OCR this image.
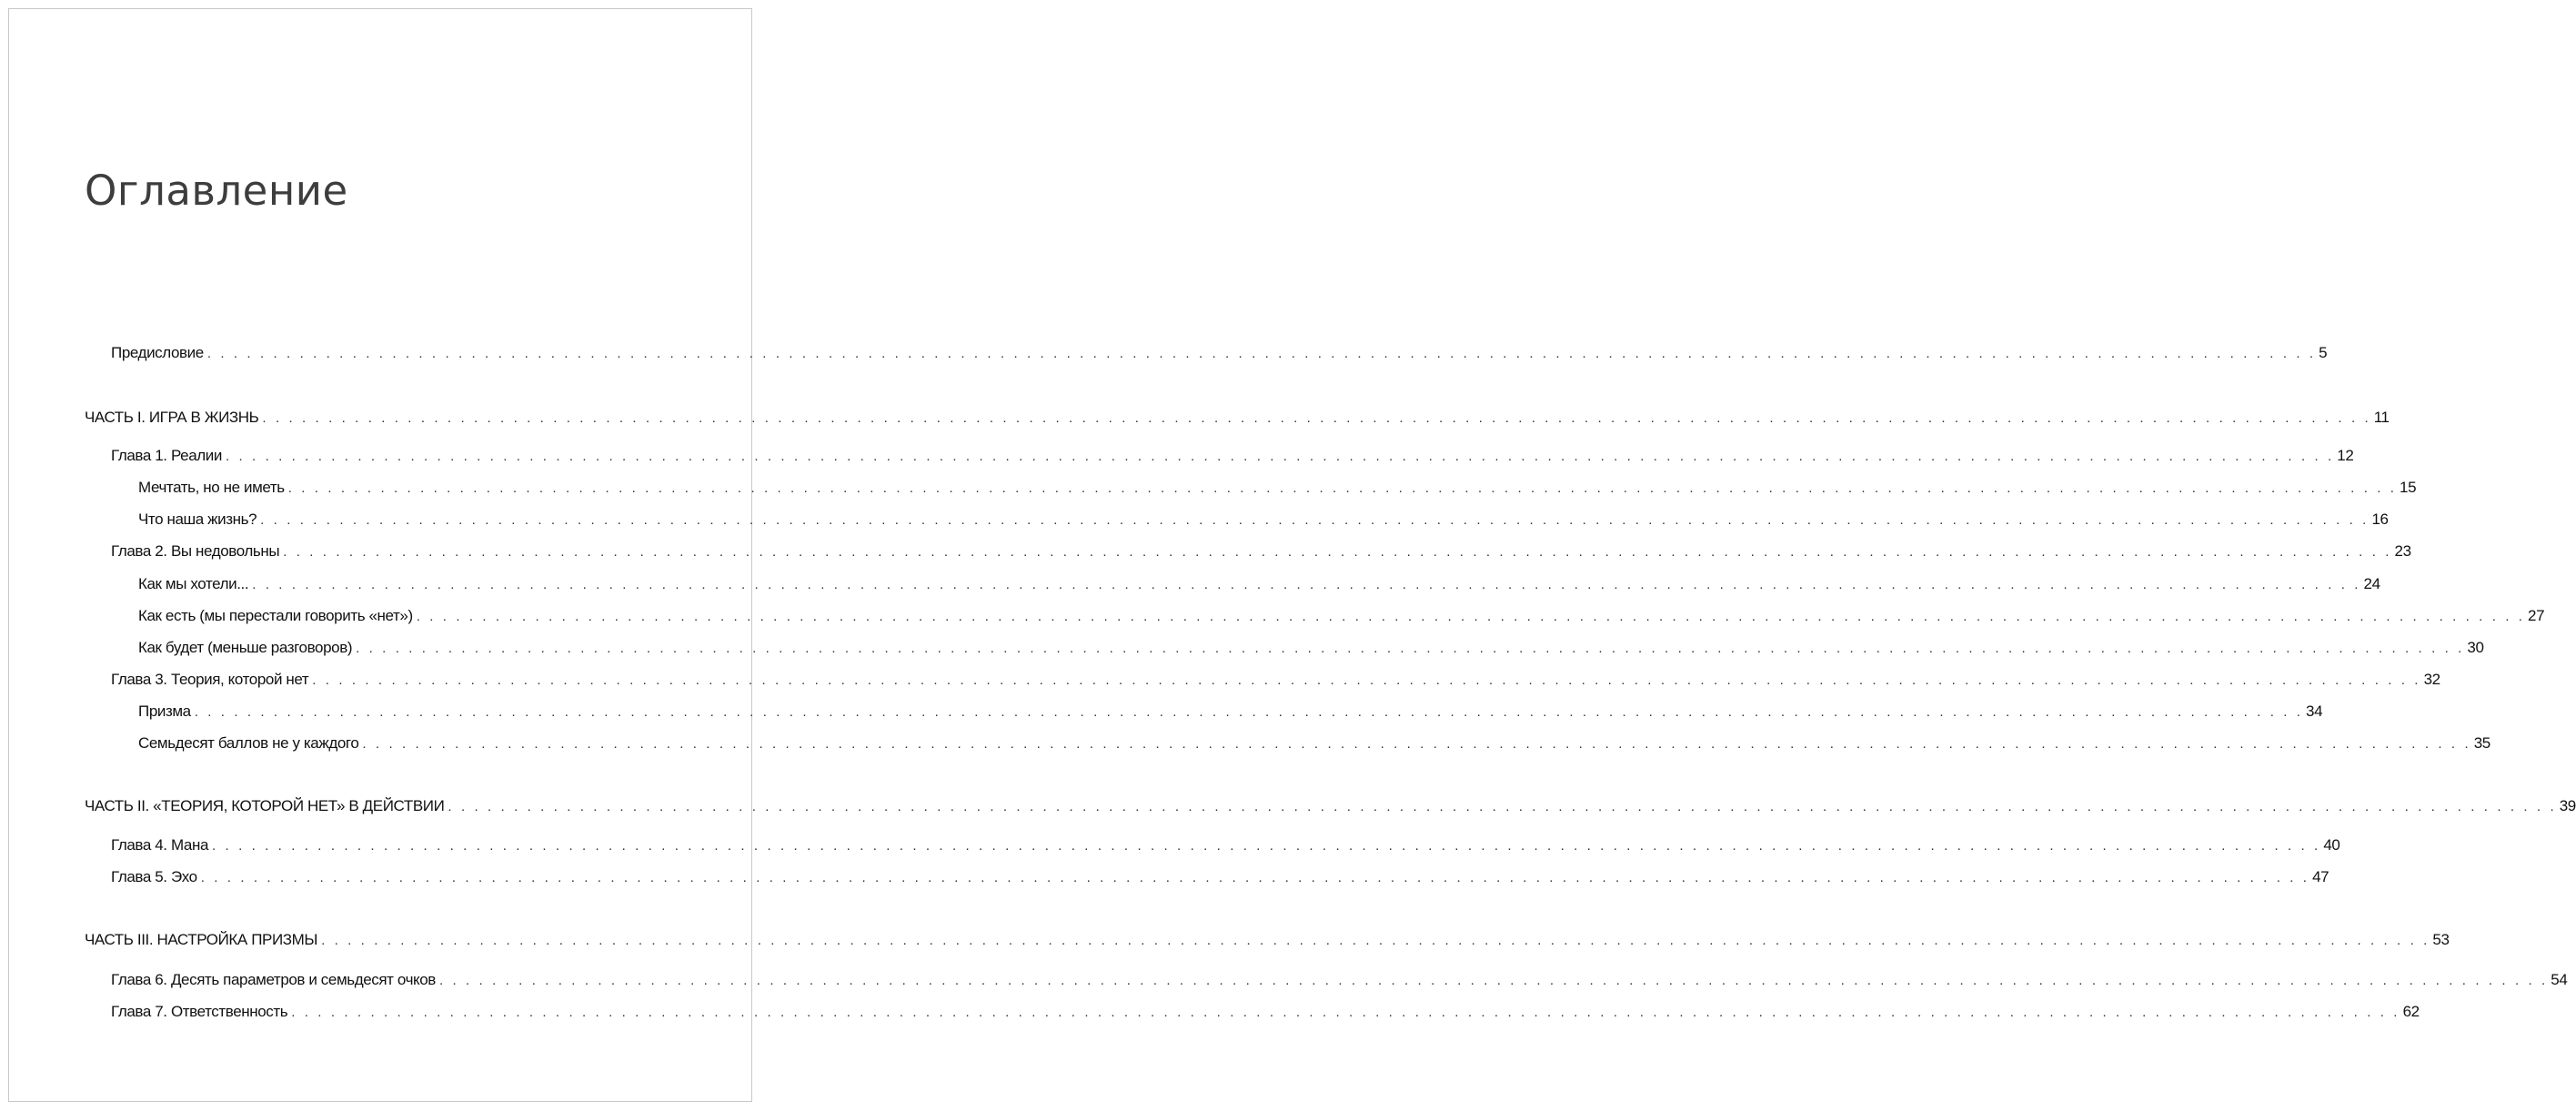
Оглавление
Предисловие . . . . . . . . . . . . . . . . . . . . . . . . . . . . . . . . . . . . . . . . . . . . . . . . . . . . . . . . . . . . . . . . . . . . . . . . . . . . . . . . . . . . . . . . . . . . . . . . . . . . . . . . . . . . . . . . . . . . . . . . . . . . . . . . . . . . . . . . . . . . . . . . . . . . . . . . . . . . . . . . 5
ЧАСТЬ I. ИГРА В ЖИЗНЬ . . . . . . . . . . . . . . . . . . . . . . . . . . . . . . . . . . . . . . . . . . . . . . . . . . . . . . . . . . . . . . . . . . . . . . . . . . . . . . . . . . . . . . . . . . . . . . . . . . . . . . . . . . . . . . . . . . . . . . . . . . . . . . . . . . . . . . . . . . . . . . . . . . . . . . . . . . . . . . . . 11
Глава 1. Реалии . . . . . . . . . . . . . . . . . . . . . . . . . . . . . . . . . . . . . . . . . . . . . . . . . . . . . . . . . . . . . . . . . . . . . . . . . . . . . . . . . . . . . . . . . . . . . . . . . . . . . . . . . . . . . . . . . . . . . . . . . . . . . . . . . . . . . . . . . . . . . . . . . . . . . . . . . . . . . . . . 12
Мечтать, но не иметь . . . . . . . . . . . . . . . . . . . . . . . . . . . . . . . . . . . . . . . . . . . . . . . . . . . . . . . . . . . . . . . . . . . . . . . . . . . . . . . . . . . . . . . . . . . . . . . . . . . . . . . . . . . . . . . . . . . . . . . . . . . . . . . . . . . . . . . . . . . . . . . . . . . . . . . . . . . . . . . . 15
Что наша жизнь? . . . . . . . . . . . . . . . . . . . . . . . . . . . . . . . . . . . . . . . . . . . . . . . . . . . . . . . . . . . . . . . . . . . . . . . . . . . . . . . . . . . . . . . . . . . . . . . . . . . . . . . . . . . . . . . . . . . . . . . . . . . . . . . . . . . . . . . . . . . . . . . . . . . . . . . . . . . . . . . . 16
Глава 2. Вы недовольны . . . . . . . . . . . . . . . . . . . . . . . . . . . . . . . . . . . . . . . . . . . . . . . . . . . . . . . . . . . . . . . . . . . . . . . . . . . . . . . . . . . . . . . . . . . . . . . . . . . . . . . . . . . . . . . . . . . . . . . . . . . . . . . . . . . . . . . . . . . . . . . . . . . . . . . . . . . . . . . . 23
Как мы хотели... . . . . . . . . . . . . . . . . . . . . . . . . . . . . . . . . . . . . . . . . . . . . . . . . . . . . . . . . . . . . . . . . . . . . . . . . . . . . . . . . . . . . . . . . . . . . . . . . . . . . . . . . . . . . . . . . . . . . . . . . . . . . . . . . . . . . . . . . . . . . . . . . . . . . . . . . . . . . . . . . 24
Как есть (мы перестали говорить «нет») . . . . . . . . . . . . . . . . . . . . . . . . . . . . . . . . . . . . . . . . . . . . . . . . . . . . . . . . . . . . . . . . . . . . . . . . . . . . . . . . . . . . . . . . . . . . . . . . . . . . . . . . . . . . . . . . . . . . . . . . . . . . . . . . . . . . . . . . . . . . . . . . . . . . . . . . . . . . . . . . 27
Как будет (меньше разговоров) . . . . . . . . . . . . . . . . . . . . . . . . . . . . . . . . . . . . . . . . . . . . . . . . . . . . . . . . . . . . . . . . . . . . . . . . . . . . . . . . . . . . . . . . . . . . . . . . . . . . . . . . . . . . . . . . . . . . . . . . . . . . . . . . . . . . . . . . . . . . . . . . . . . . . . . . . . . . . . . . 30
Глава 3. Теория, которой нет . . . . . . . . . . . . . . . . . . . . . . . . . . . . . . . . . . . . . . . . . . . . . . . . . . . . . . . . . . . . . . . . . . . . . . . . . . . . . . . . . . . . . . . . . . . . . . . . . . . . . . . . . . . . . . . . . . . . . . . . . . . . . . . . . . . . . . . . . . . . . . . . . . . . . . . . . . . . . . . . 32
Призма . . . . . . . . . . . . . . . . . . . . . . . . . . . . . . . . . . . . . . . . . . . . . . . . . . . . . . . . . . . . . . . . . . . . . . . . . . . . . . . . . . . . . . . . . . . . . . . . . . . . . . . . . . . . . . . . . . . . . . . . . . . . . . . . . . . . . . . . . . . . . . . . . . . . . . . . . . . . . . . . 34
Семьдесят баллов не у каждого . . . . . . . . . . . . . . . . . . . . . . . . . . . . . . . . . . . . . . . . . . . . . . . . . . . . . . . . . . . . . . . . . . . . . . . . . . . . . . . . . . . . . . . . . . . . . . . . . . . . . . . . . . . . . . . . . . . . . . . . . . . . . . . . . . . . . . . . . . . . . . . . . . . . . . . . . . . . . . . . 35
ЧАСТЬ II. «ТЕОРИЯ, КОТОРОЙ НЕТ» В ДЕЙСТВИИ . . . . . . . . . . . . . . . . . . . . . . . . . . . . . . . . . . . . . . . . . . . . . . . . . . . . . . . . . . . . . . . . . . . . . . . . . . . . . . . . . . . . . . . . . . . . . . . . . . . . . . . . . . . . . . . . . . . . . . . . . . . . . . . . . . . . . . . . . . . . . . . . . . . . . . . . . . . . . . . . 39
Глава 4. Мана . . . . . . . . . . . . . . . . . . . . . . . . . . . . . . . . . . . . . . . . . . . . . . . . . . . . . . . . . . . . . . . . . . . . . . . . . . . . . . . . . . . . . . . . . . . . . . . . . . . . . . . . . . . . . . . . . . . . . . . . . . . . . . . . . . . . . . . . . . . . . . . . . . . . . . . . . . . . . . . . 40
Глава 5. Эхо . . . . . . . . . . . . . . . . . . . . . . . . . . . . . . . . . . . . . . . . . . . . . . . . . . . . . . . . . . . . . . . . . . . . . . . . . . . . . . . . . . . . . . . . . . . . . . . . . . . . . . . . . . . . . . . . . . . . . . . . . . . . . . . . . . . . . . . . . . . . . . . . . . . . . . . . . . . . . . . . 47
ЧАСТЬ III. НАСТРОЙКА ПРИЗМЫ . . . . . . . . . . . . . . . . . . . . . . . . . . . . . . . . . . . . . . . . . . . . . . . . . . . . . . . . . . . . . . . . . . . . . . . . . . . . . . . . . . . . . . . . . . . . . . . . . . . . . . . . . . . . . . . . . . . . . . . . . . . . . . . . . . . . . . . . . . . . . . . . . . . . . . . . . . . . . . . . 53
Глава 6. Десять параметров и семьдесят очков . . . . . . . . . . . . . . . . . . . . . . . . . . . . . . . . . . . . . . . . . . . . . . . . . . . . . . . . . . . . . . . . . . . . . . . . . . . . . . . . . . . . . . . . . . . . . . . . . . . . . . . . . . . . . . . . . . . . . . . . . . . . . . . . . . . . . . . . . . . . . . . . . . . . . . . . . . . . . . . . 54
Глава 7. Ответственность . . . . . . . . . . . . . . . . . . . . . . . . . . . . . . . . . . . . . . . . . . . . . . . . . . . . . . . . . . . . . . . . . . . . . . . . . . . . . . . . . . . . . . . . . . . . . . . . . . . . . . . . . . . . . . . . . . . . . . . . . . . . . . . . . . . . . . . . . . . . . . . . . . . . . . . . . . . . . . . . 62
